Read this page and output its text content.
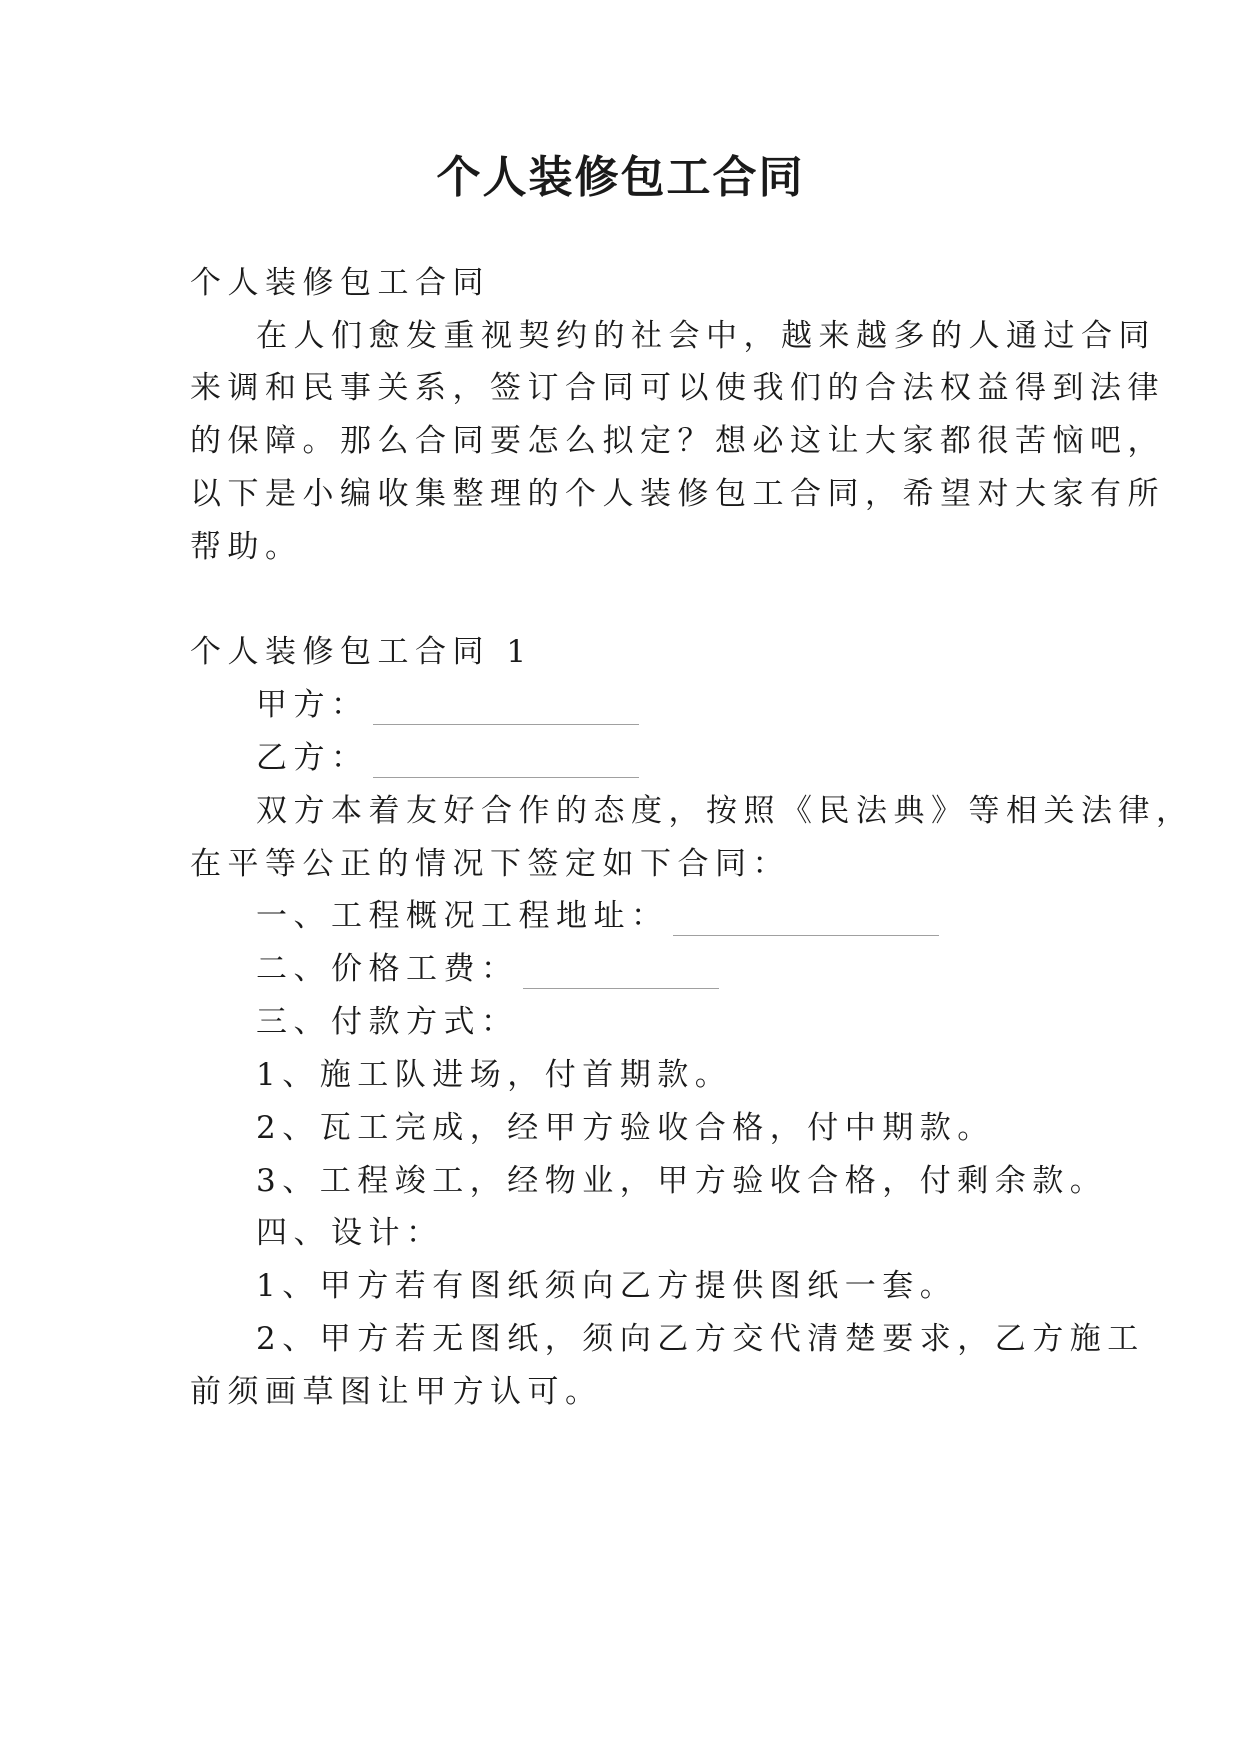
个人装修包工合同
个人装修包工合同
在人们愈发重视契约的社会中，越来越多的人通过合同
来调和民事关系，签订合同可以使我们的合法权益得到法律
的保障。那么合同要怎么拟定？想必这让大家都很苦恼吧，
以下是小编收集整理的个人装修包工合同，希望对大家有所
帮助。
个人装修包工合同 1
甲方：
乙方：
双方本着友好合作的态度，按照《民法典》等相关法律，
在平等公正的情况下签定如下合同：
一、工程概况工程地址：
二、价格工费：
三、付款方式：
1、施工队进场，付首期款。
2、瓦工完成，经甲方验收合格，付中期款。
3、工程竣工，经物业，甲方验收合格，付剩余款。
四、设计：
1、甲方若有图纸须向乙方提供图纸一套。
2、甲方若无图纸，须向乙方交代清楚要求，乙方施工
前须画草图让甲方认可。
